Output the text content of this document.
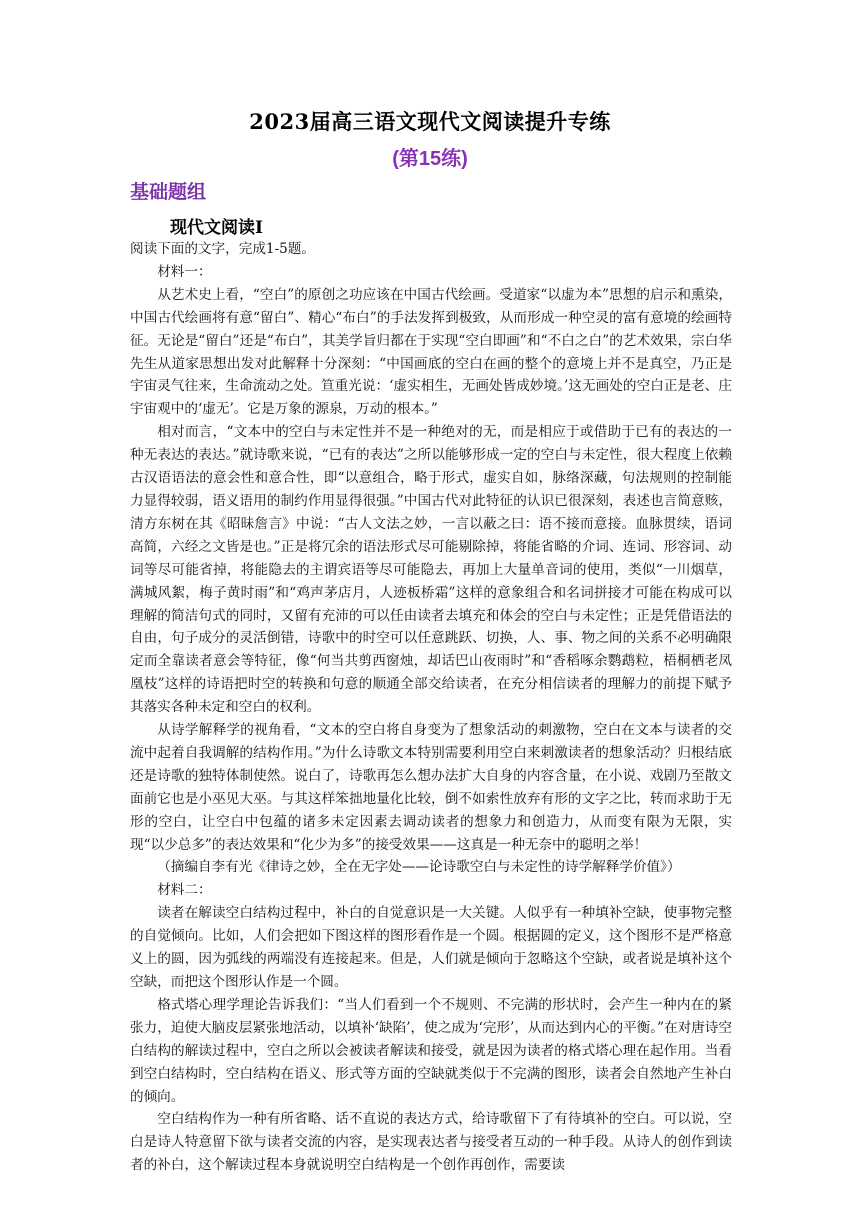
2023届高三语文现代文阅读提升专练
(第15练)
基础题组
现代文阅读Ⅰ

阅读下面的文字，完成1-5题。

材料一：

从艺术史上看，“空白”的原创之功应该在中国古代绘画。受道家“以虚为本”思想的启示和熏染，中国古代绘画将有意“留白”、精心“布白”的手法发挥到极致，从而形成一种空灵的富有意境的绘画特征。无论是“留白”还是“布白”，其美学旨归都在于实现“空白即画”和“不白之白”的艺术效果，宗白华先生从道家思想出发对此解释十分深刻：“中国画底的空白在画的整个的意境上并不是真空，乃正是宇宙灵气往来，生命流动之处。笪重光说：‘虚实相生，无画处皆成妙境。’这无画处的空白正是老、庄宇宙观中的‘虚无’。它是万象的源泉，万动的根本。”

相对而言，“文本中的空白与未定性并不是一种绝对的无，而是相应于或借助于已有的表达的一种无表达的表达。”就诗歌来说，“已有的表达”之所以能够形成一定的空白与未定性，很大程度上依赖古汉语语法的意会性和意合性，即“以意组合，略于形式，虚实自如，脉络深藏，句法规则的控制能力显得较弱，语义语用的制约作用显得很强。”中国古代对此特征的认识已很深刻，表述也言简意赅，清方东树在其《昭昧詹言》中说：“古人文法之妙，一言以蔽之曰：语不接而意接。血脉贯续，语词高简，六经之文皆是也。”正是将冗余的语法形式尽可能剔除掉，将能省略的介词、连词、形容词、动词等尽可能省掉，将能隐去的主谓宾语等尽可能隐去，再加上大量单音词的使用，类似“一川烟草，满城风絮，梅子黄时雨”和“鸡声茅店月，人迹板桥霜”这样的意象组合和名词拼接才可能在构成可以理解的简洁句式的同时，又留有充沛的可以任由读者去填充和体会的空白与未定性；正是凭借语法的自由，句子成分的灵活倒错，诗歌中的时空可以任意跳跃、切换，人、事、物之间的关系不必明确限定而全靠读者意会等特征，像“何当共剪西窗烛，却话巴山夜雨时”和“香稻啄余鹦鹉粒，梧桐栖老凤凰枝”这样的诗语把时空的转换和句意的顺通全部交给读者，在充分相信读者的理解力的前提下赋予其落实各种未定和空白的权利。

从诗学解释学的视角看，“文本的空白将自身变为了想象活动的刺激物，空白在文本与读者的交流中起着自我调解的结构作用。”为什么诗歌文本特别需要利用空白来刺激读者的想象活动？归根结底还是诗歌的独特体制使然。说白了，诗歌再怎么想办法扩大自身的内容含量，在小说、戏剧乃至散文面前它也是小巫见大巫。与其这样笨拙地量化比较，倒不如索性放弃有形的文字之比，转而求助于无形的空白，让空白中包蕴的诸多未定因素去调动读者的想象力和创造力，从而变有限为无限，实现“以少总多”的表达效果和“化少为多”的接受效果——这真是一种无奈中的聪明之举！

（摘编自李有光《律诗之妙，全在无字处——论诗歌空白与未定性的诗学解释学价值》）

材料二：

读者在解读空白结构过程中，补白的自觉意识是一大关键。人似乎有一种填补空缺，使事物完整的自觉倾向。比如，人们会把如下图这样的图形看作是一个圆。根据圆的定义，这个图形不是严格意义上的圆，因为弧线的两端没有连接起来。但是，人们就是倾向于忽略这个空缺，或者说是填补这个空缺，而把这个图形认作是一个圆。

格式塔心理学理论告诉我们：“当人们看到一个不规则、不完满的形状时，会产生一种内在的紧张力，迫使大脑皮层紧张地活动，以填补‘缺陷’，使之成为‘完形’，从而达到内心的平衡。”在对唐诗空白结构的解读过程中，空白之所以会被读者解读和接受，就是因为读者的格式塔心理在起作用。当看到空白结构时，空白结构在语义、形式等方面的空缺就类似于不完满的图形，读者会自然地产生补白的倾向。

空白结构作为一种有所省略、话不直说的表达方式，给诗歌留下了有待填补的空白。可以说，空白是诗人特意留下欲与读者交流的内容，是实现表达者与接受者互动的一种手段。从诗人的创作到读者的补白，这个解读过程本身就说明空白结构是一个创作再创作，需要读
